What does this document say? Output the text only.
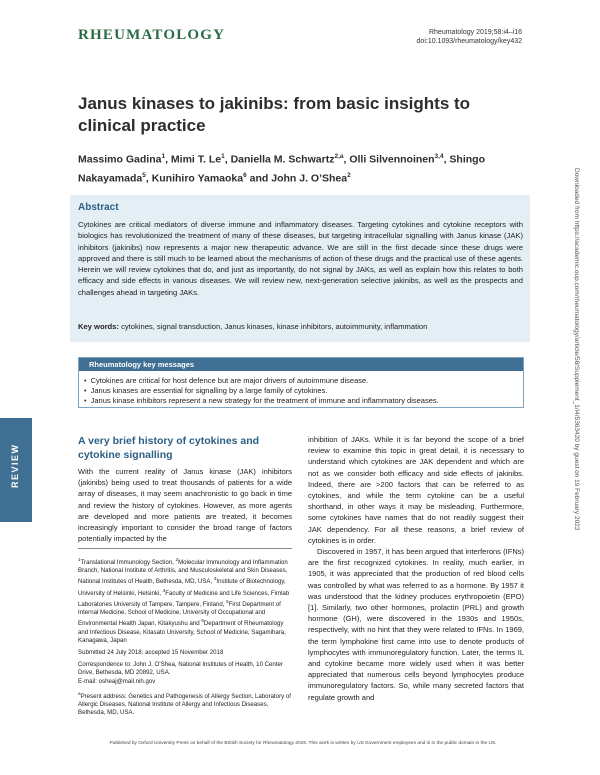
RHEUMATOLOGY	Rheumatology 2019;58:i4–i16
doi:10.1093/rheumatology/key432
Janus kinases to jakinibs: from basic insights to clinical practice
Massimo Gadina$^1$, Mimi T. Le$^1$, Daniella M. Schwartz$^{2,a}$, Olli Silvennoinen$^{3,4}$, Shingo Nakayamada$^5$, Kunihiro Yamaoka$^6$ and John J. O’Shea$^2$
Abstract
Cytokines are critical mediators of diverse immune and inflammatory diseases. Targeting cytokines and cytokine receptors with biologics has revolutionized the treatment of many of these diseases, but targeting intracellular signalling with Janus kinase (JAK) inhibitors (jakinibs) now represents a major new therapeutic advance. We are still in the first decade since these drugs were approved and there is still much to be learned about the mechanisms of action of these drugs and the practical use of these agents. Herein we will review cytokines that do, and just as importantly, do not signal by JAKs, as well as explain how this relates to both efficacy and side effects in various diseases. We will review new, next-generation selective jakinibs, as well as the prospects and challenges ahead in targeting JAKs.
Key words: cytokines, signal transduction, Janus kinases, kinase inhibitors, autoimmunity, inflammation
Rheumatology key messages
• Cytokines are critical for host defence but are major drivers of autoimmune disease.
• Janus kinases are essential for signalling by a large family of cytokines.
• Janus kinase inhibitors represent a new strategy for the treatment of immune and inflammatory diseases.
REVIEW
A very brief history of cytokines and cytokine signalling

With the current reality of Janus kinase (JAK) inhibitors (jakinibs) being used to treat thousands of patients for a wide array of diseases, it may seem anachronistic to go back in time and review the history of cytokines. However, as more agents are developed and more patients are treated, it becomes increasingly important to consider the broad range of factors potentially impacted by the

inhibition of JAKs. While it is far beyond the scope of a brief review to examine this topic in great detail, it is necessary to understand which cytokines are JAK dependent and which are not as we consider both efficacy and side effects of jakinibs. Indeed, there are >200 factors that can be referred to as cytokines, and while the term cytokine can be a useful shorthand, in other ways it may be misleading. Furthermore, some cytokines have names that do not readily suggest their JAK dependency. For all these reasons, a brief review of cytokines is in order.

Discovered in 1957, it has been argued that interferons (IFNs) are the first recognized cytokines. In reality, much earlier, in 1905, it was appreciated that the production of red blood cells was controlled by what was referred to as a hormone. By 1957 it was understood that the kidney produces erythropoietin (EPO) [1]. Similarly, two other hormones, prolactin (PRL) and growth hormone (GH), were discovered in the 1930s and 1950s, respectively, with no hint that they were related to IFNs. In 1969, the term lymphokine first came into use to denote products of lymphocytes with immunoregulatory function. Later, the terms IL and cytokine became more widely used when it was better appreciated that numerous cells beyond lymphocytes produce immunoregulatory factors. So, while many secreted factors that regulate growth and

$^1$Translational Immunology Section, $^2$Molecular Immunology and Inflammation Branch, National Institute of Arthritis, and Musculoskeletal and Skin Diseases, National Institutes of Health, Bethesda, MD, USA, $^3$Institute of Biotechnology, University of Helsinki, Helsinki, $^4$Faculty of Medicine and Life Sciences, Fimlab Laboratories University of Tampere, Tampere, Finland, $^5$First Department of Internal Medicine, School of Medicine, University of Occupational and Environmental Health Japan, Kitakyushu and $^6$Department of Rheumatology and Infectious Disease, Kitasato University, School of Medicine, Sagamihara, Kanagawa, Japan

Submitted 24 July 2018; accepted 15 November 2018

Correspondence to: John J. O’Shea, National Institutes of Health, 10 Center Drive, Bethesda, MD 20892, USA.
E-mail: osheaj@mail.nih.gov

$^a$Present address: Genetics and Pathogenesis of Allergy Section, Laboratory of Allergic Diseases, National Institute of Allergy and Infectious Diseases, Bethesda, MD, USA.

Downloaded from https://academic.oup.com/rheumatology/article/58/Supplement_1/i4/5363420 by guest on 19 February 2023
Published by Oxford University Press on behalf of the British Society for Rheumatology 2019. This work is written by US Government employees and is in the public domain in the US.
